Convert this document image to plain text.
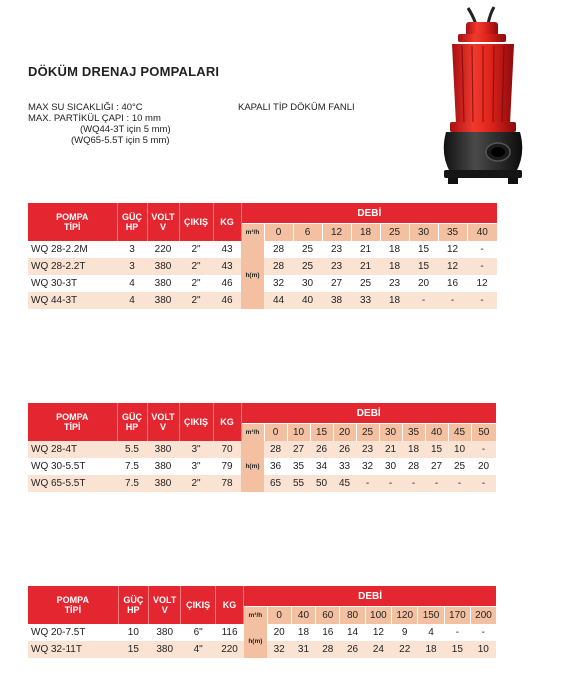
DÖKÜM DRENAJ POMPALARI
MAX SU SICAKLIĞI : 40°C
MAX. PARTİKÜL ÇAPI : 10 mm
(WQ44-3T için 5 mm)
(WQ65-5.5T için 5 mm)
KAPALI TİP DÖKÜM FANLI
POMPA
TİPİ	GÜÇ
HP	VOLT
V	ÇIKIŞ	KG	DEBİ								
					m³/h	0	6	12	18	25	30	35	40
WQ 28-2.2M	3	220	2"	43	h(m)	28	25	23	21	18	15	12	-
WQ 28-2.2T	3	380	2"	43		28	25	23	21	18	15	12	-
WQ 30-3T	4	380	2"	46		32	30	27	25	23	20	16	12
WQ 44-3T	4	380	2"	46		44	40	38	33	18	-	-	-
POMPA
TİPİ	GÜÇ
HP	VOLT
V	ÇIKIŞ	KG	DEBİ										
					m³/h	0	10	15	20	25	30	35	40	45	50
WQ 28-4T	5.5	380	3"	70	h(m)	28	27	26	26	23	21	18	15	10	-
WQ 30-5.5T	7.5	380	3"	79		36	35	34	33	32	30	28	27	25	20
WQ 65-5.5T	7.5	380	2"	78		65	55	50	45	-	-	-	-	-	-
POMPA
TİPİ	GÜÇ
HP	VOLT
V	ÇIKIŞ	KG	DEBİ									
					m³/h	0	40	60	80	100	120	150	170	200
WQ 20-7.5T	10	380	6"	116	h(m)	20	18	16	14	12	9	4	-	-
WQ 32-11T	15	380	4"	220		32	31	28	26	24	22	18	15	10
